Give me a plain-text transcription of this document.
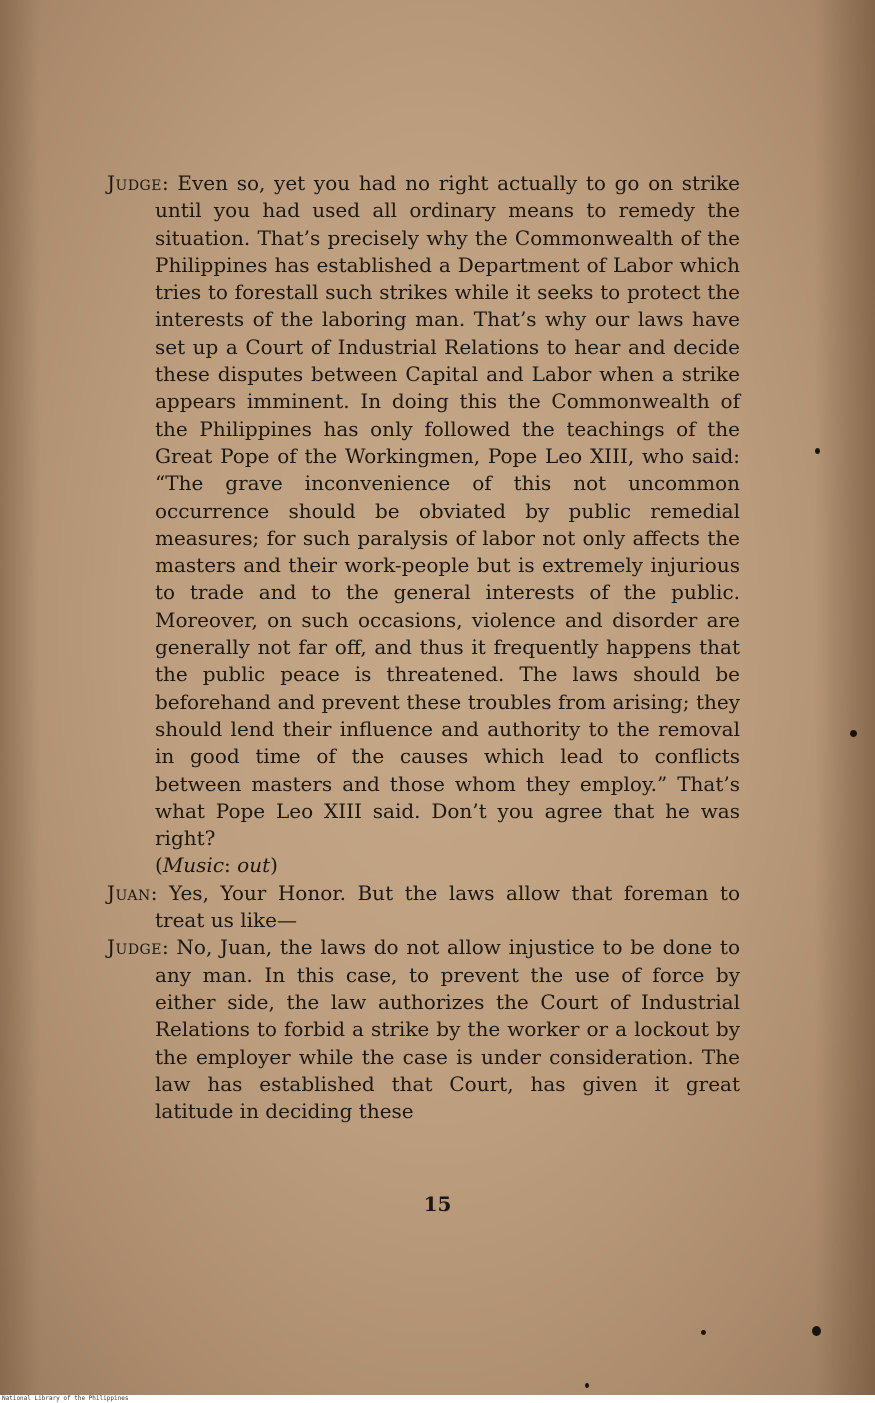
Judge: Even so, yet you had no right actually to go on strike until you had used all ordinary means to remedy the situation. That’s precisely why the Commonwealth of the Philippines has established a Department of Labor which tries to forestall such strikes while it seeks to protect the interests of the laboring man. That’s why our laws have set up a Court of Industrial Relations to hear and decide these disputes between Capital and Labor when a strike appears imminent. In doing this the Commonwealth of the Philippines has only followed the teachings of the Great Pope of the Workingmen, Pope Leo XIII, who said: “The grave inconvenience of this not uncommon occurrence should be obviated by public remedial measures; for such paralysis of labor not only affects the masters and their work-people but is extremely injurious to trade and to the general interests of the public. Moreover, on such occasions, violence and disorder are generally not far off, and thus it frequently happens that the public peace is threatened. The laws should be beforehand and prevent these troubles from arising; they should lend their influence and authority to the removal in good time of the causes which lead to conflicts between masters and those whom they employ.” That’s what Pope Leo XIII said. Don’t you agree that he was right?
(Music: out)

Juan: Yes, Your Honor. But the laws allow that foreman to treat us like—

Judge: No, Juan, the laws do not allow injustice to be done to any man. In this case, to prevent the use of force by either side, the law authorizes the Court of Industrial Relations to forbid a strike by the worker or a lockout by the employer while the case is under consideration. The law has established that Court, has given it great latitude in deciding these

15
National Library of the Philippines
